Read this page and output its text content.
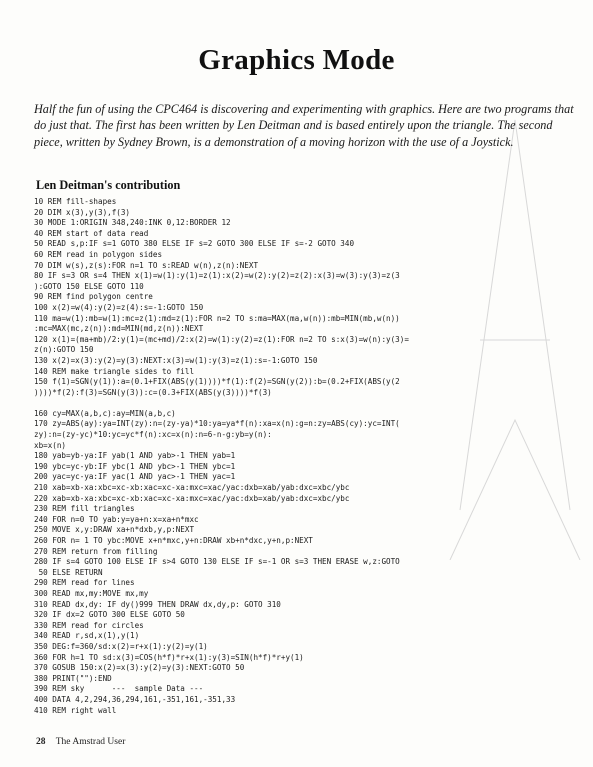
Graphics Mode

Half the fun of using the CPC464 is discovering and experimenting with graphics. Here are two programs that do just that. The first has been written by Len Deitman and is based entirely upon the triangle. The second piece, written by Sydney Brown, is a demonstration of a moving horizon with the use of a Joystick.

Len Deitman's contribution
10 REM fill-shapes
20 DIM x(3),y(3),f(3)
30 MODE 1:ORIGIN 348,240:INK 0,12:BORDER 12
40 REM start of data read
50 READ s,p:IF s=1 GOTO 380 ELSE IF s=2 GOTO 300 ELSE IF s=-2 GOTO 340
60 REM read in polygon sides
70 DIM w(s),z(s):FOR n=1 TO s:READ w(n),z(n):NEXT
80 IF s=3 OR s=4 THEN x(1)=w(1):y(1)=z(1):x(2)=w(2):y(2)=z(2):x(3)=w(3):y(3)=z(3
):GOTO 150 ELSE GOTO 110
90 REM find polygon centre
100 x(2)=w(4):y(2)=z(4):s=-1:GOTO 150
110 ma=w(1):mb=w(1):mc=z(1):md=z(1):FOR n=2 TO s:ma=MAX(ma,w(n)):mb=MIN(mb,w(n))
:mc=MAX(mc,z(n)):md=MIN(md,z(n)):NEXT
120 x(1)=(ma+mb)/2:y(1)=(mc+md)/2:x(2)=w(1):y(2)=z(1):FOR n=2 TO s:x(3)=w(n):y(3)=
z(n):GOTO 150
130 x(2)=x(3):y(2)=y(3):NEXT:x(3)=w(1):y(3)=z(1):s=-1:GOTO 150
140 REM make triangle sides to fill
150 f(1)=SGN(y(1)):a=(0.1+FIX(ABS(y(1))))*f(1):f(2)=SGN(y(2)):b=(0.2+FIX(ABS(y(2
))))*f(2):f(3)=SGN(y(3)):c=(0.3+FIX(ABS(y(3))))*f(3)
160 cy=MAX(a,b,c):ay=MIN(a,b,c)
170 zy=ABS(ay):ya=INT(zy):n=(zy-ya)*10:ya=ya*f(n):xa=x(n):g=n:zy=ABS(cy):yc=INT(
zy):n=(zy-yc)*10:yc=yc*f(n):xc=x(n):n=6-n-g:yb=y(n):
xb=x(n)
180 yab=yb-ya:IF yab(1 AND yab>-1 THEN yab=1
190 ybc=yc-yb:IF ybc(1 AND ybc>-1 THEN ybc=1
200 yac=yc-ya:IF yac(1 AND yac>-1 THEN yac=1
210 xab=xb-xa:xbc=xc-xb:xac=xc-xa:mxc=xac/yac:dxb=xab/yab:dxc=xbc/ybc
220 xab=xb-xa:xbc=xc-xb:xac=xc-xa:mxc=xac/yac:dxb=xab/yab:dxc=xbc/ybc
230 REM fill triangles
240 FOR n=0 TO yab:y=ya+n:x=xa+n*mxc
250 MOVE x,y:DRAW xa+n*dxb,y,p:NEXT
260 FOR n= 1 TO ybc:MOVE x+n*mxc,y+n:DRAW xb+n*dxc,y+n,p:NEXT
270 REM return from filling
280 IF s=4 GOTO 100 ELSE IF s>4 GOTO 130 ELSE IF s=-1 OR s=3 THEN ERASE w,z:GOTO
50 ELSE RETURN
290 REM read for lines
300 READ mx,my:MOVE mx,my
310 READ dx,dy: IF dy()999 THEN DRAW dx,dy,p: GOTO 310
320 IF dx=2 GOTO 300 ELSE GOTO 50
330 REM read for circles
340 READ r,sd,x(1),y(1)
350 DEG:f=360/sd:x(2)=r+x(1):y(2)=y(1)
360 FOR h=1 TO sd:x(3)=COS(h*f)*r+x(1):y(3)=SIN(h*f)*r+y(1)
370 GOSUB 150:x(2)=x(3):y(2)=y(3):NEXT:GOTO 50
380 PRINT(""):END
390 REM sky      ---  sample Data ---
400 DATA 4,2,294,36,294,161,-351,161,-351,33
410 REM right wall
28 The Amstrad User
